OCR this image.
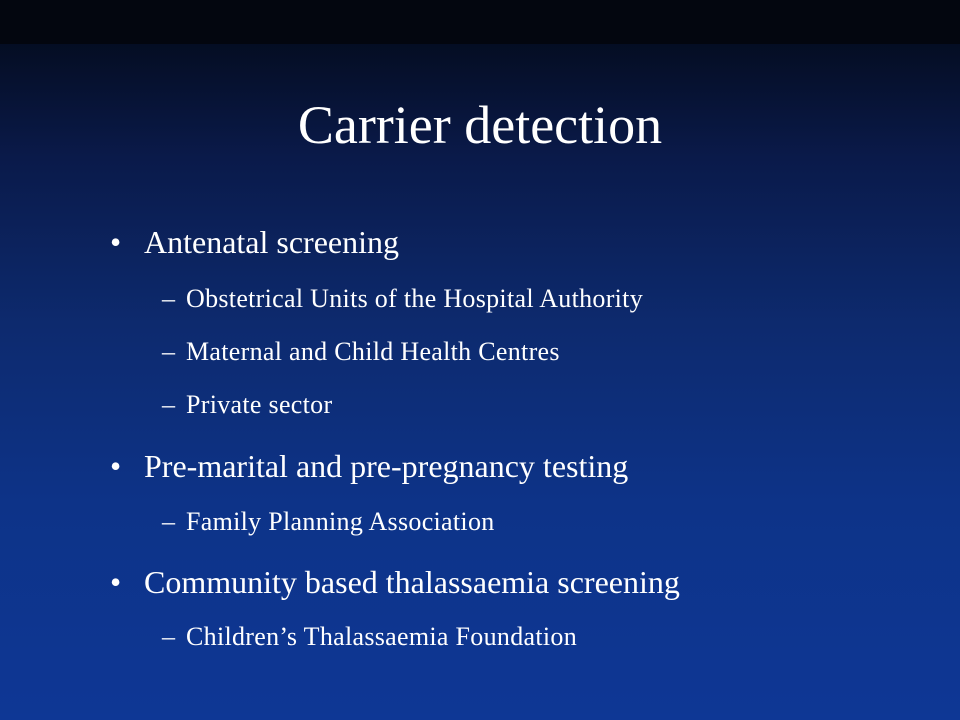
Carrier detection
• Antenatal screening
– Obstetrical Units of the Hospital Authority
– Maternal and Child Health Centres
– Private sector
• Pre-marital and pre-pregnancy testing
– Family Planning Association
• Community based thalassaemia screening
– Children’s Thalassaemia Foundation
